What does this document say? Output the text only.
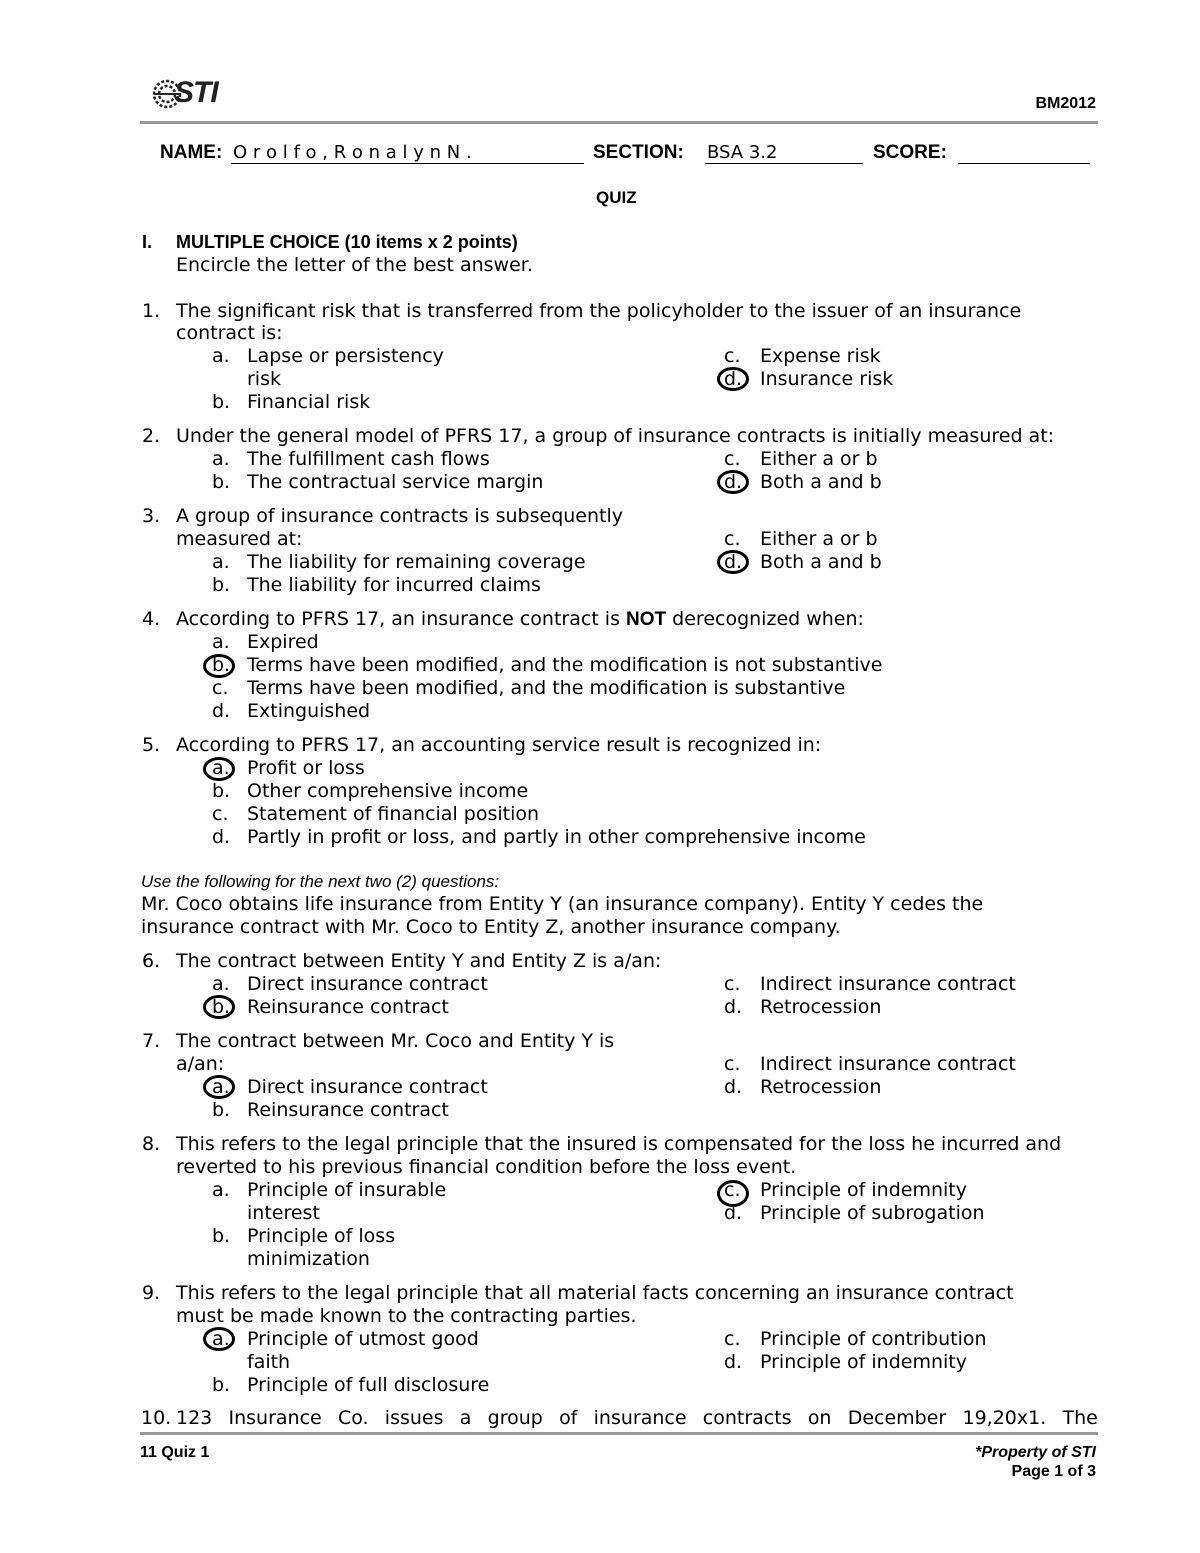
STI	BM2012
NAME: O r o l f o , R o n a l y n N .	SECTION: BSA 3.2	SCORE:
QUIZ
I. MULTIPLE CHOICE (10 items x 2 points)
Encircle the letter of the best answer.
1. The significant risk that is transferred from the policyholder to the issuer of an insurance
contract is:
a. Lapse or persistency
risk
b. Financial risk
c. Expense risk
d. Insurance risk
2. Under the general model of PFRS 17, a group of insurance contracts is initially measured at:
a. The fulfillment cash flows
b. The contractual service margin
c. Either a or b
d. Both a and b
3. A group of insurance contracts is subsequently
measured at:
a. The liability for remaining coverage
b. The liability for incurred claims
c. Either a or b
d. Both a and b
4. According to PFRS 17, an insurance contract is NOT derecognized when:
a. Expired
b. Terms have been modified, and the modification is not substantive
c. Terms have been modified, and the modification is substantive
d. Extinguished
5. According to PFRS 17, an accounting service result is recognized in:
a. Profit or loss
b. Other comprehensive income
c. Statement of financial position
d. Partly in profit or loss, and partly in other comprehensive income
Use the following for the next two (2) questions:
Mr. Coco obtains life insurance from Entity Y (an insurance company). Entity Y cedes the
insurance contract with Mr. Coco to Entity Z, another insurance company.
6. The contract between Entity Y and Entity Z is a/an:
a. Direct insurance contract
b. Reinsurance contract
c. Indirect insurance contract
d. Retrocession
7. The contract between Mr. Coco and Entity Y is
a/an:
a. Direct insurance contract
b. Reinsurance contract
c. Indirect insurance contract
d. Retrocession
8. This refers to the legal principle that the insured is compensated for the loss he incurred and
reverted to his previous financial condition before the loss event.
a. Principle of insurable
interest
b. Principle of loss
minimization
c. Principle of indemnity
d. Principle of subrogation
9. This refers to the legal principle that all material facts concerning an insurance contract
must be made known to the contracting parties.
a. Principle of utmost good
faith
b. Principle of full disclosure
c. Principle of contribution
d. Principle of indemnity
10. 123 Insurance Co. issues a group of insurance contracts on December 19,20x1. The
11 Quiz 1	*Property of STI
Page 1 of 3
